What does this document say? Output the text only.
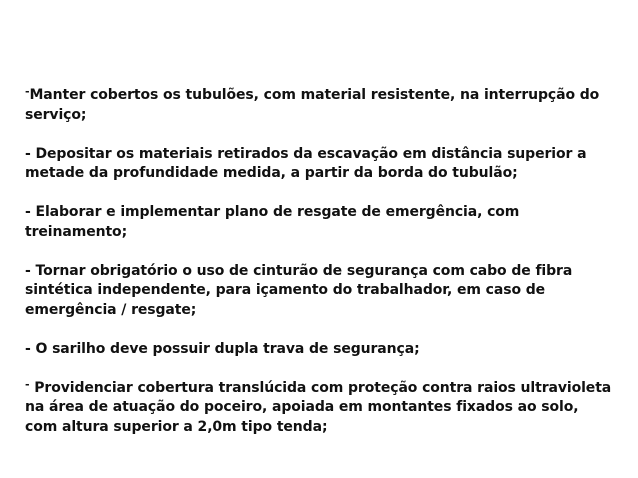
-Manter cobertos os tubulões, com material resistente, na interrupção do serviço;

- Depositar os materiais retirados da escavação em distância superior a metade da profundidade medida, a partir da borda do tubulão;

- Elaborar e implementar plano de resgate de emergência, com treinamento;

- Tornar obrigatório o uso de cinturão de segurança com cabo de fibra sintética independente, para içamento do trabalhador, em caso de emergência / resgate;

- O sarilho deve possuir dupla trava de segurança;

- Providenciar cobertura translúcida com proteção contra raios ultravioleta na área de atuação do poceiro, apoiada em montantes fixados ao solo, com altura superior a 2,0m tipo tenda;
